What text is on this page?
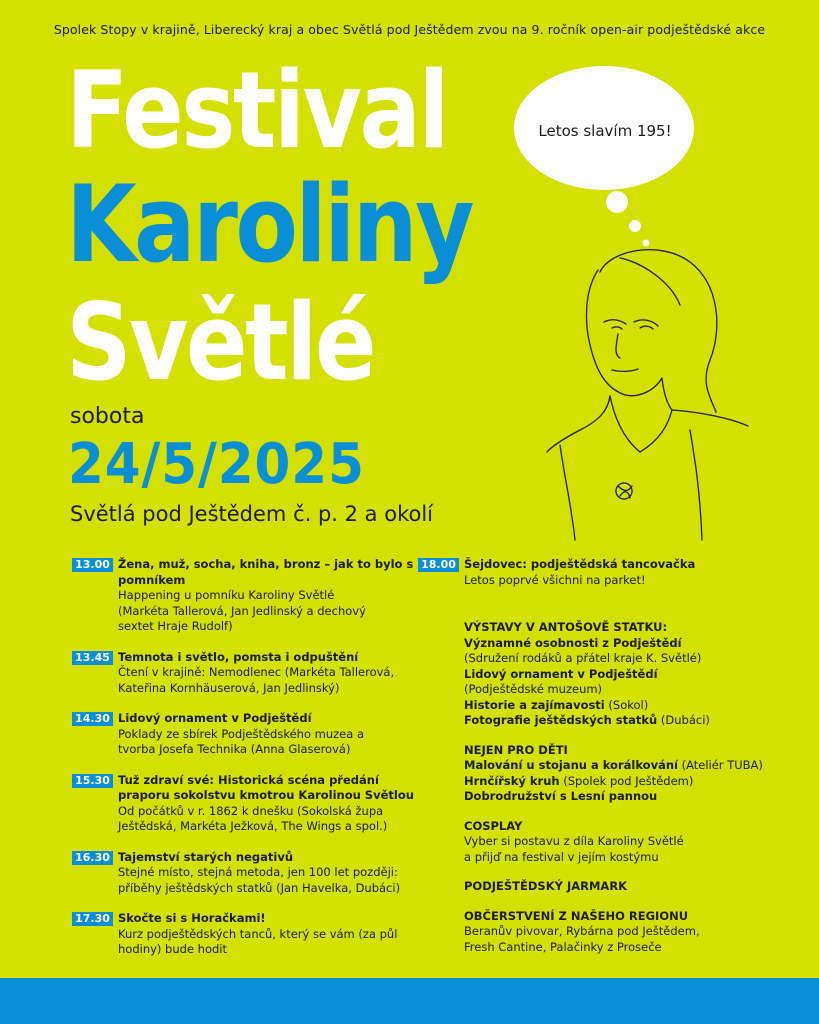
Spolek Stopy v krajině, Liberecký kraj a obec Světlá pod Ještědem zvou na 9. ročník open-air podještědské akce
Festival
Karoliny
Světlé
Letos slavím 195!
sobota
24/5/2025
Světlá pod Ještědem č. p. 2 a okolí
13.00 Žena, muž, socha, kniha, bronz – jak to bylo s pomníkem
Happening u pomníku Karoliny Světlé
(Markéta Tallerová, Jan Jedlinský a dechový
sextet Hraje Rudolf)
13.45 Temnota i světlo, pomsta i odpuštění
Čtení v krajině: Nemodlenec (Markéta Tallerová,
Kateřina Kornhäuserová, Jan Jedlinský)
14.30 Lidový ornament v Podještědí
Poklady ze sbírek Podještědského muzea a
tvorba Josefa Technika (Anna Glaserová)
15.30 Tuž zdraví své: Historická scéna předání praporu sokolstvu kmotrou Karolinou Světlou
Od počátků v r. 1862 k dnešku (Sokolská župa
Ještědská, Markéta Ježková, The Wings a spol.)
16.30 Tajemství starých negativů
Stejné místo, stejná metoda, jen 100 let později:
příběhy ještědských statků (Jan Havelka, Dubáci)
17.30 Skočte si s Horačkami!
Kurz podještědských tanců, který se vám (za půl
hodiny) bude hodit
18.00 Šejdovec: podještědská tancovačka
Letos poprvé všichni na parket!
VÝSTAVY V ANTOŠOVĚ STATKU:
Významné osobnosti z Podještědí
(Sdružení rodáků a přátel kraje K. Světlé)
Lidový ornament v Podještědí
(Podještědské muzeum)
Historie a zajímavosti (Sokol)
Fotografie ještědských statků (Dubáci)
NEJEN PRO DĚTI
Malování u stojanu a korálkování (Ateliér TUBA)
Hrnčířský kruh (Spolek pod Ještědem)
Dobrodružství s Lesní pannou
COSPLAY
Vyber si postavu z díla Karoliny Světlé
a přijď na festival v jejím kostýmu
PODJEŠTĚDSKÝ JARMARK
OBČERSTVENÍ Z NAŠEHO REGIONU
Beranův pivovar, Rybárna pod Ještědem,
Fresh Cantine, Palačinky z Proseče
